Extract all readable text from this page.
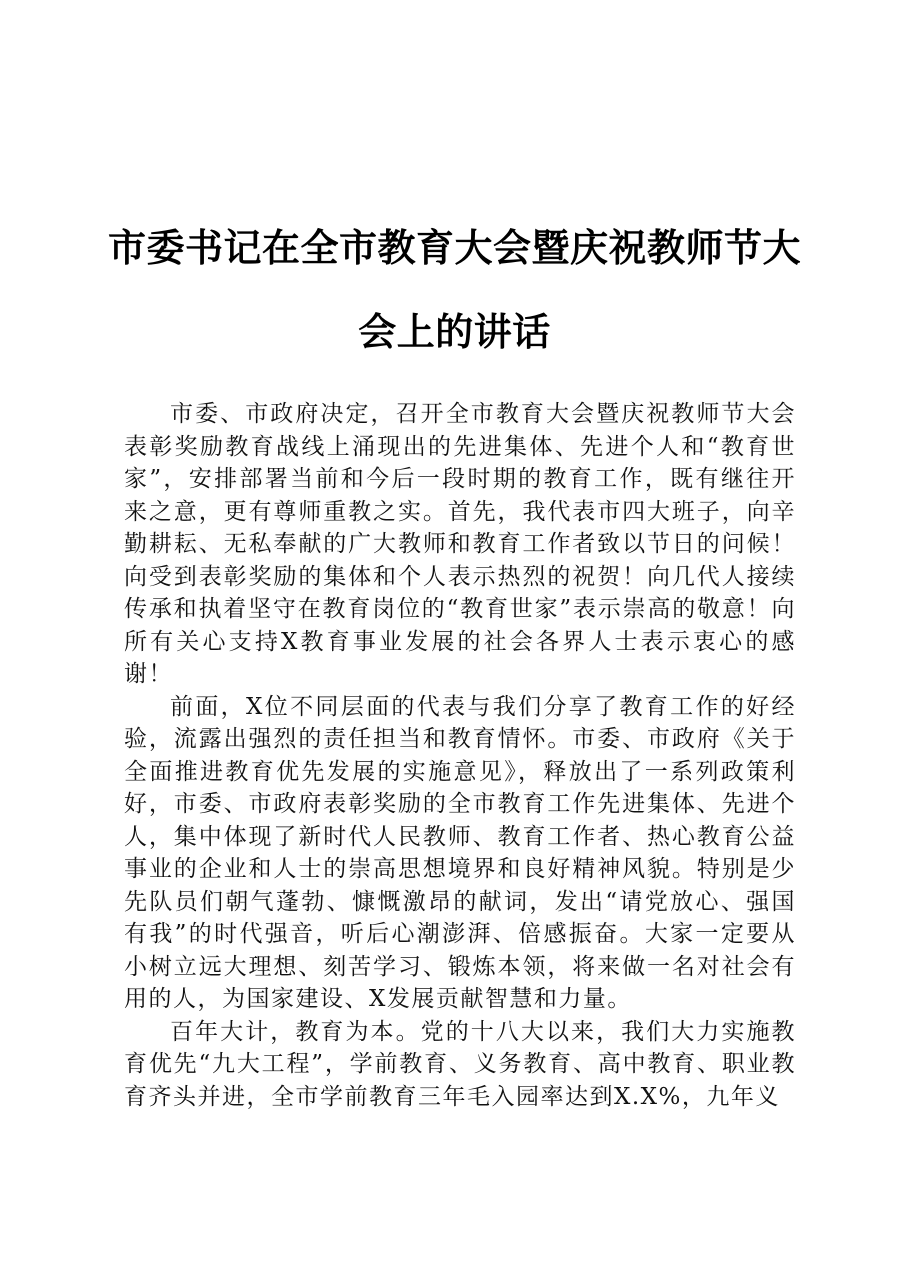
市委书记在全市教育大会暨庆祝教师节大会上的讲话

市委、市政府决定，召开全市教育大会暨庆祝教师节大会表彰奖励教育战线上涌现出的先进集体、先进个人和“教育世家”，安排部署当前和今后一段时期的教育工作，既有继往开来之意，更有尊师重教之实。首先，我代表市四大班子，向辛勤耕耘、无私奉献的广大教师和教育工作者致以节日的问候！向受到表彰奖励的集体和个人表示热烈的祝贺！向几代人接续传承和执着坚守在教育岗位的“教育世家”表示崇高的敬意！向所有关心支持X教育事业发展的社会各界人士表示衷心的感谢！

前面，X位不同层面的代表与我们分享了教育工作的好经验，流露出强烈的责任担当和教育情怀。市委、市政府《关于全面推进教育优先发展的实施意见》，释放出了一系列政策利好，市委、市政府表彰奖励的全市教育工作先进集体、先进个人，集中体现了新时代人民教师、教育工作者、热心教育公益事业的企业和人士的崇高思想境界和良好精神风貌。特别是少先队员们朝气蓬勃、慷慨激昂的献词，发出“请党放心、强国有我”的时代强音，听后心潮澎湃、倍感振奋。大家一定要从小树立远大理想、刻苦学习、锻炼本领，将来做一名对社会有用的人，为国家建设、X发展贡献智慧和力量。

百年大计，教育为本。党的十八大以来，我们大力实施教育优先“九大工程”，学前教育、义务教育、高中教育、职业教育齐头并进，全市学前教育三年毛入园率达到X.X%，九年义
